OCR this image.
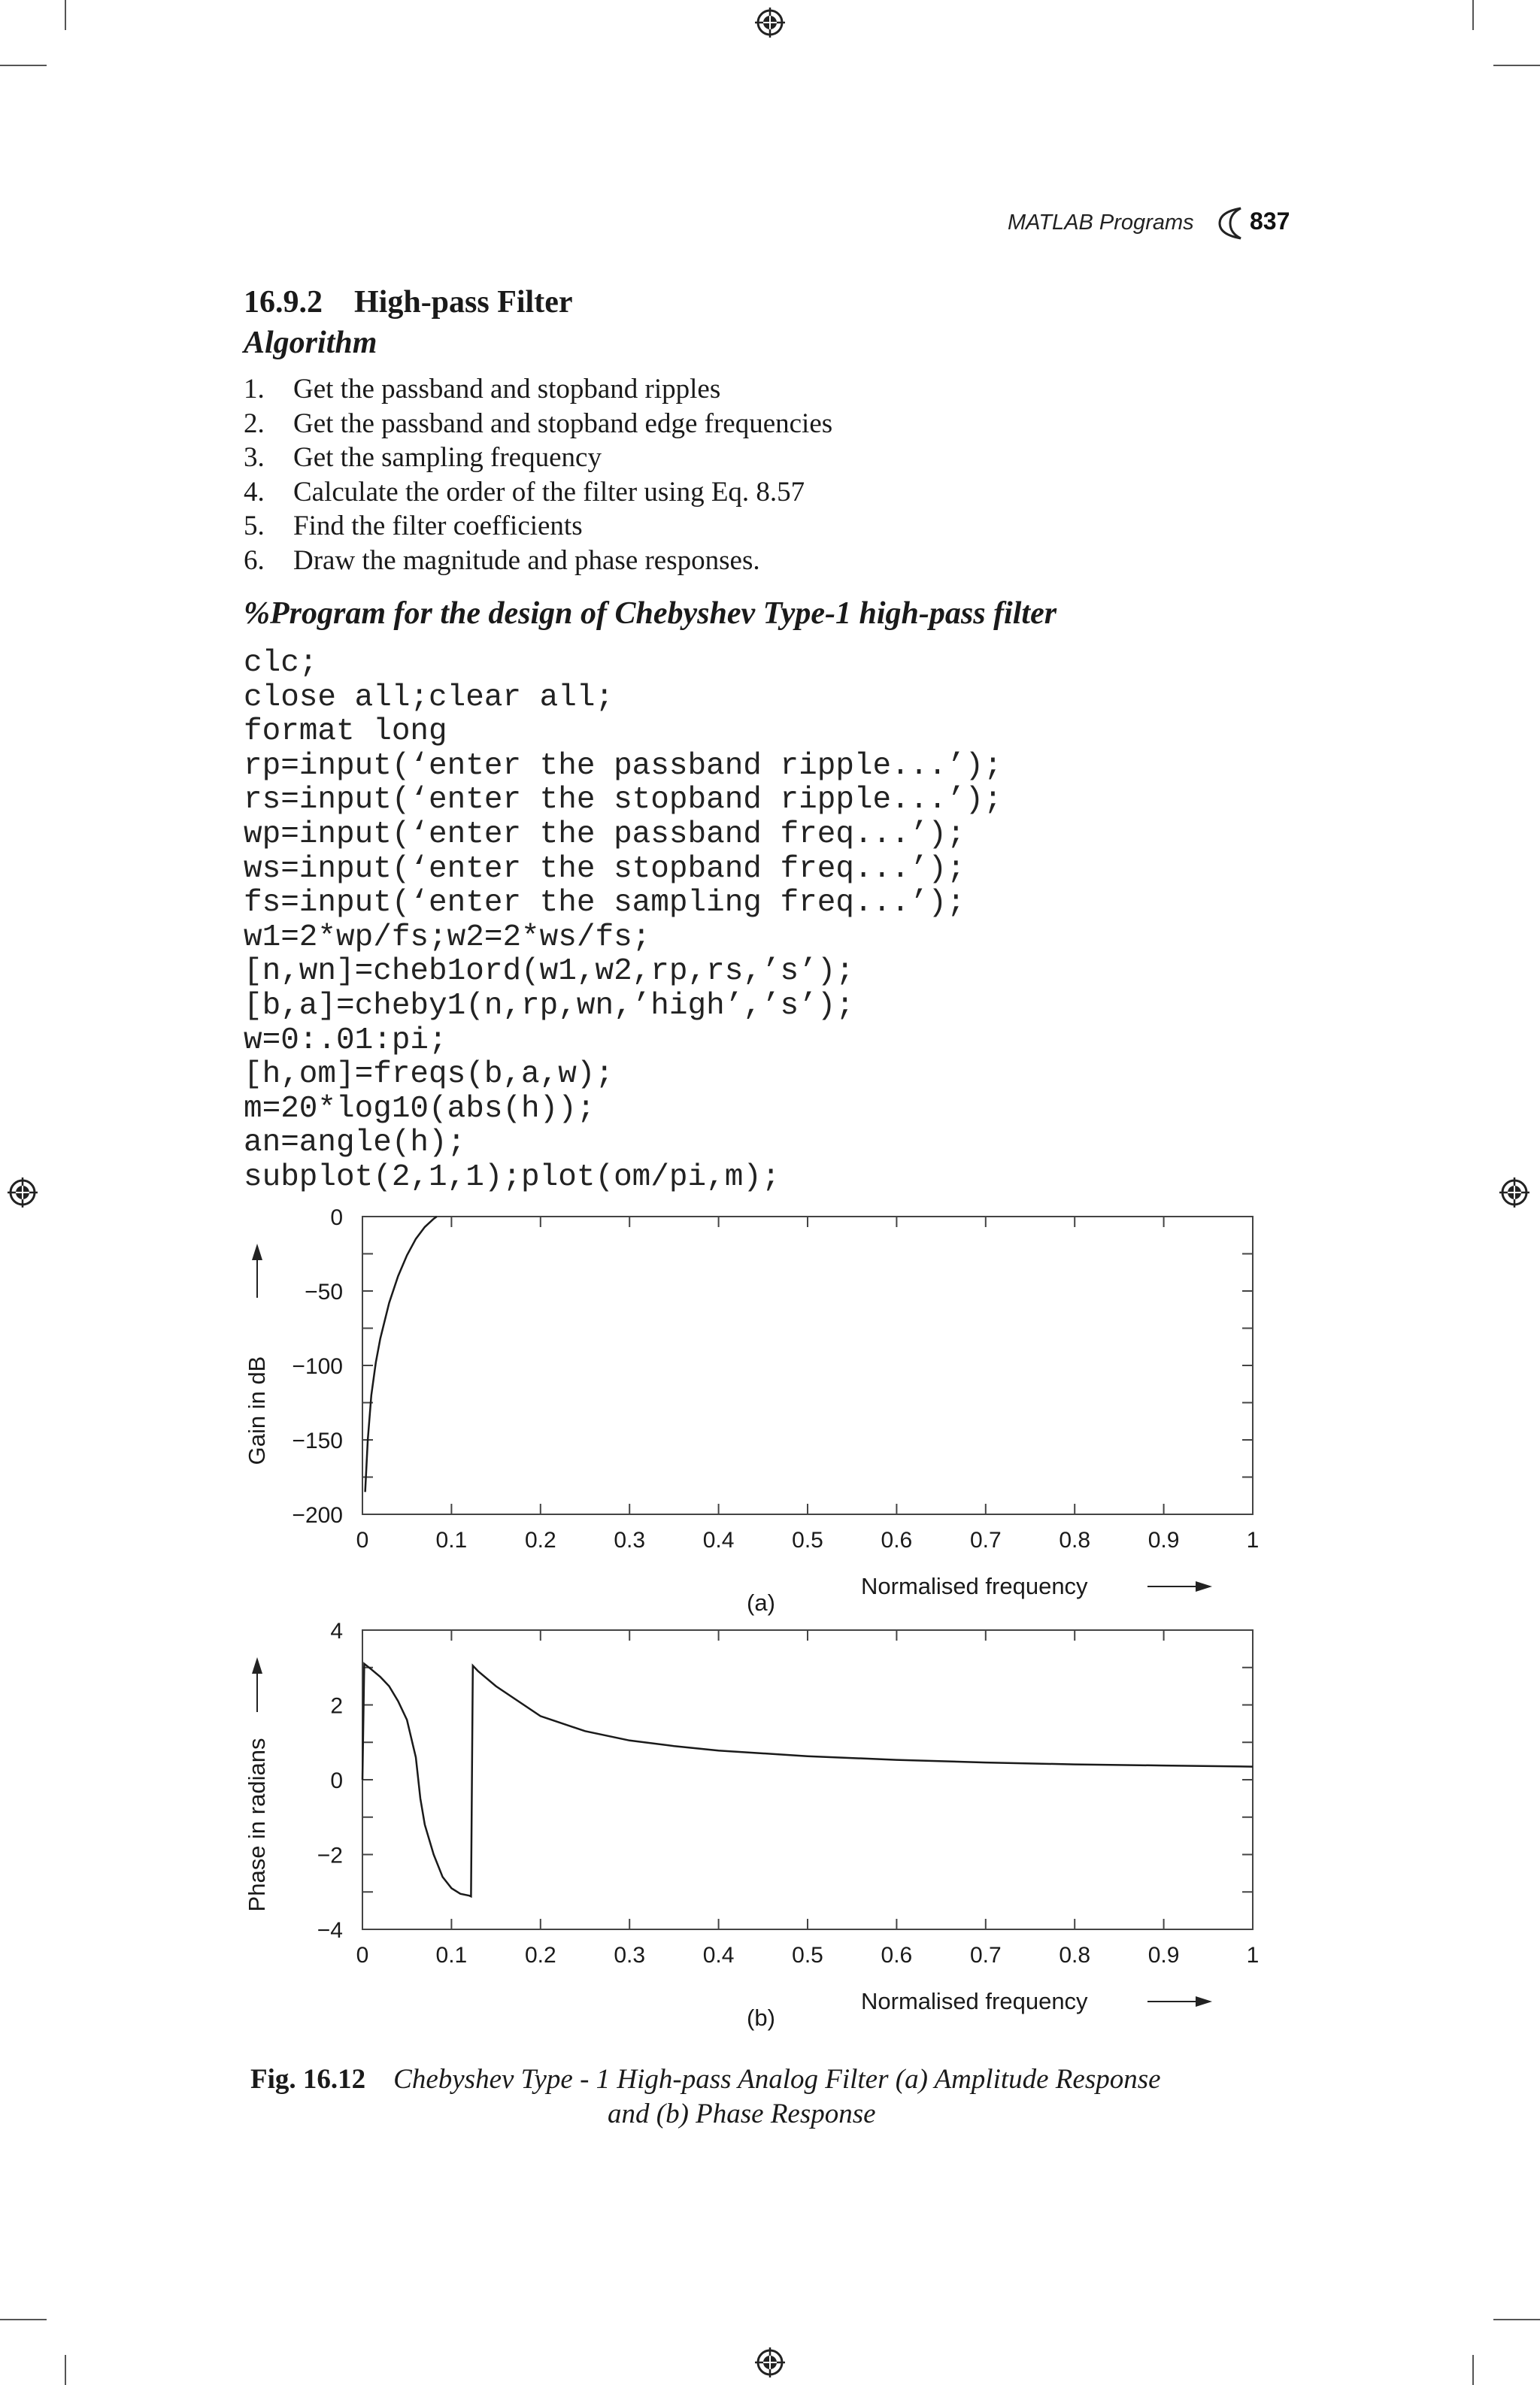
MATLAB Programs 837
16.9.2    High-pass Filter
Algorithm
1.	Get the passband and stopband ripples
2.	Get the passband and stopband edge frequencies
3.	Get the sampling frequency
4.	Calculate the order of the filter using Eq. 8.57
5.	Find the filter coefficients
6.	Draw the magnitude and phase responses.
%Program for the design of Chebyshev Type-1 high-pass filter
clc;
close all;clear all;
format long
rp=input(‘enter the passband ripple...’);
rs=input(‘enter the stopband ripple...’);
wp=input(‘enter the passband freq...’);
ws=input(‘enter the stopband freq...’);
fs=input(‘enter the sampling freq...’);
w1=2*wp/fs;w2=2*ws/fs;
[n,wn]=cheb1ord(w1,w2,rp,rs,’s’);
[b,a]=cheby1(n,rp,wn,’high’,’s’);
w=0:.01:pi;
[h,om]=freqs(b,a,w);
m=20*log10(abs(h));
an=angle(h);
subplot(2,1,1);plot(om/pi,m);
0	0.1	0.2	0.3	0.4	0.5	0.6	0.7	0.8	0.9	1
0
−50
−100
−150
−200
Gain in dB
Normalised frequency
(a)
0	0.1	0.2	0.3	0.4	0.5	0.6	0.7	0.8	0.9	1
4
2
0
−2
−4
Phase in radians
Normalised frequency
(b)
Fig. 16.12 Chebyshev Type - 1 High-pass Analog Filter (a) Amplitude Response
and (b) Phase Response
